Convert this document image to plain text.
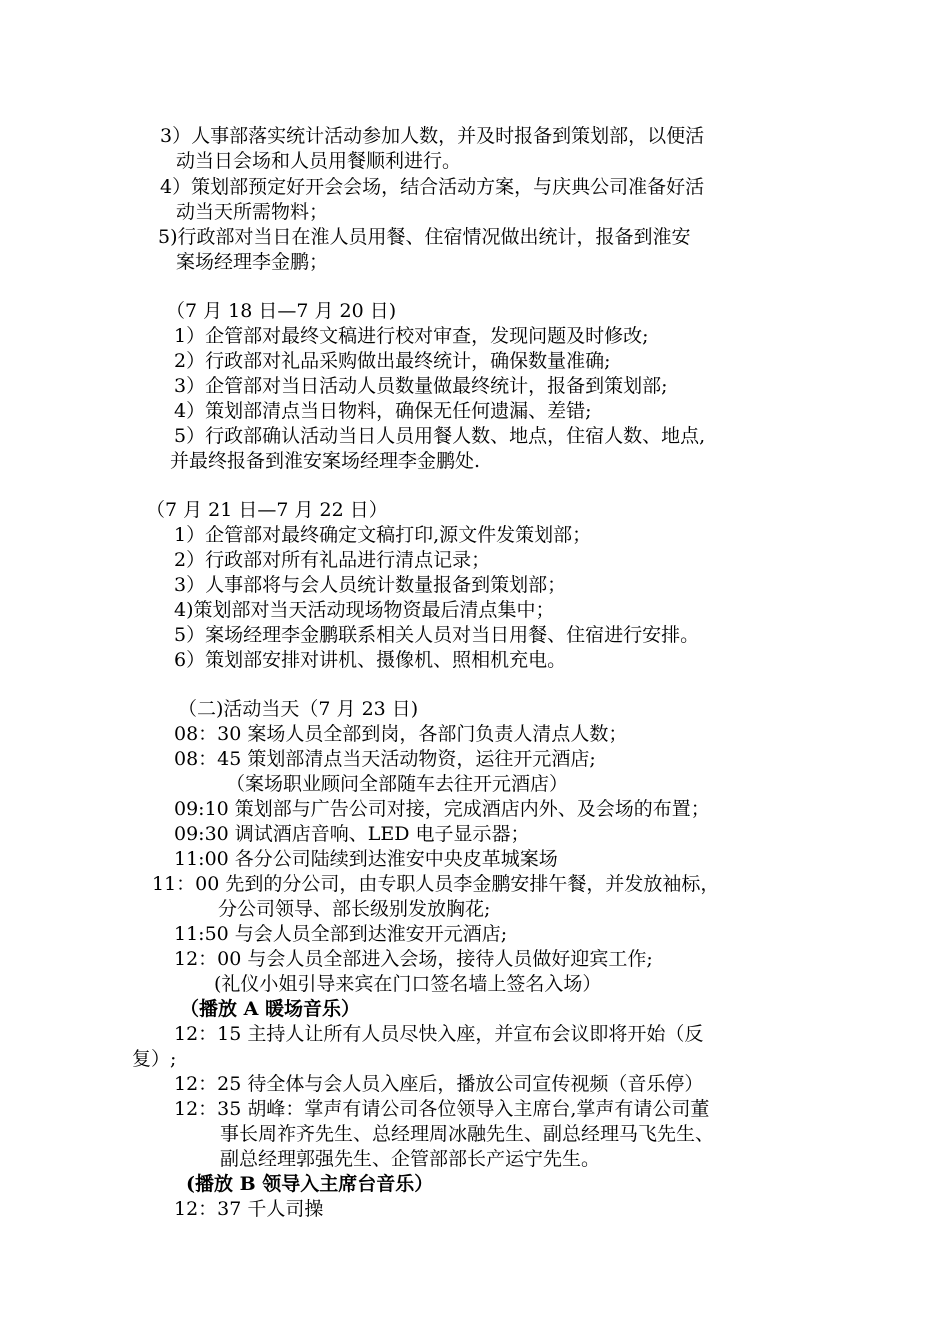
3）人事部落实统计活动参加人数，并及时报备到策划部，以便活
动当日会场和人员用餐顺利进行。
4）策划部预定好开会会场，结合活动方案，与庆典公司准备好活
动当天所需物料；
5)行政部对当日在淮人员用餐、住宿情况做出统计，报备到淮安
案场经理李金鹏；
（7 月 18 日—7 月 20 日)
1）企管部对最终文稿进行校对审查，发现问题及时修改;
2）行政部对礼品采购做出最终统计，确保数量准确;
3）企管部对当日活动人员数量做最终统计，报备到策划部;
4）策划部清点当日物料，确保无任何遗漏、差错;
5）行政部确认活动当日人员用餐人数、地点，住宿人数、地点,
并最终报备到淮安案场经理李金鹏处.
（7 月 21 日—7 月 22 日）
1）企管部对最终确定文稿打印,源文件发策划部；
2）行政部对所有礼品进行清点记录；
3）人事部将与会人员统计数量报备到策划部；
4)策划部对当天活动现场物资最后清点集中；
5）案场经理李金鹏联系相关人员对当日用餐、住宿进行安排。
6）策划部安排对讲机、摄像机、照相机充电。
（二)活动当天（7 月 23 日)
08：30 案场人员全部到岗，各部门负责人清点人数；
08：45 策划部清点当天活动物资，运往开元酒店;
（案场职业顾问全部随车去往开元酒店）
09:10 策划部与广告公司对接，完成酒店内外、及会场的布置；
09:30 调试酒店音响、LED 电子显示器；
11:00 各分公司陆续到达淮安中央皮革城案场
11：00 先到的分公司，由专职人员李金鹏安排午餐，并发放袖标，
分公司领导、部长级别发放胸花;
11:50 与会人员全部到达淮安开元酒店;
12：00 与会人员全部进入会场，接待人员做好迎宾工作;
(礼仪小姐引导来宾在门口签名墙上签名入场）
（播放 A 暖场音乐）
12：15 主持人让所有人员尽快入座，并宣布会议即将开始（反
复）;
12：25 待全体与会人员入座后，播放公司宣传视频（音乐停）
12：35 胡峰：掌声有请公司各位领导入主席台,掌声有请公司董
事长周祚齐先生、总经理周冰融先生、副总经理马飞先生、
副总经理郭强先生、企管部部长产运宁先生。
(播放 B 领导入主席台音乐）
12：37 千人司操
